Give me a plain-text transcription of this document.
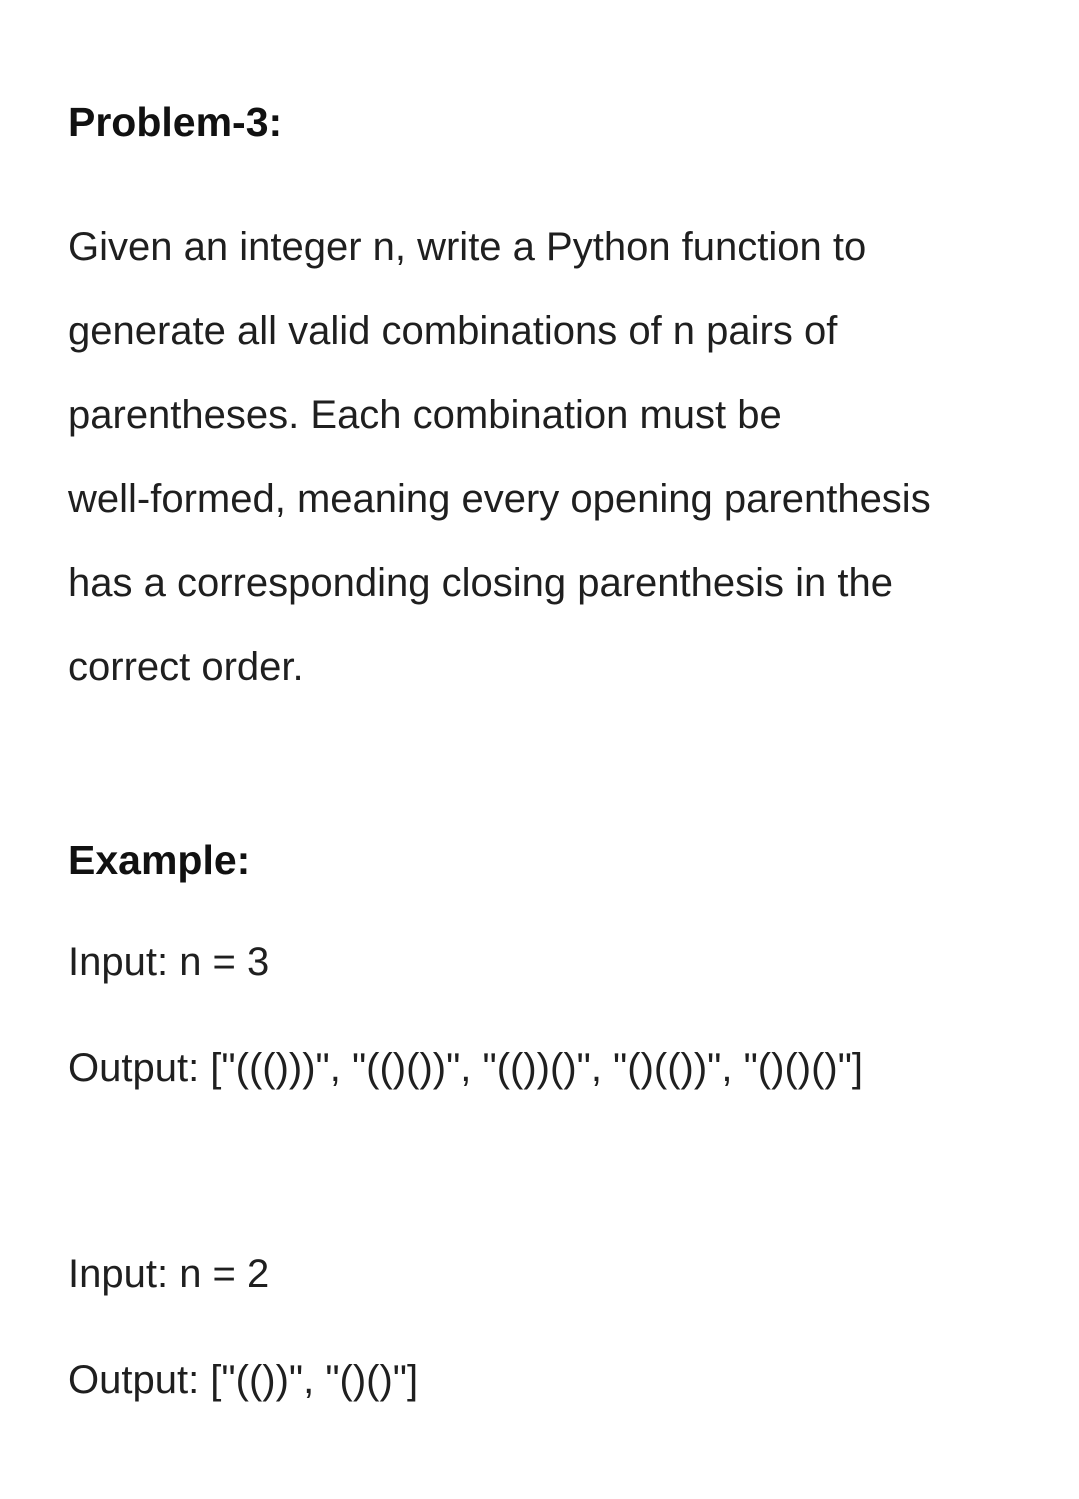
Problem-3:
Given an integer n, write a Python function to
generate all valid combinations of n pairs of
parentheses. Each combination must be
well-formed, meaning every opening parenthesis
has a corresponding closing parenthesis in the
correct order.
Example:
Input: n = 3
Output: ["((()))", "(()())", "(())()", "()(())", "()()()"]
Input: n = 2
Output: ["(())", "()()"]
